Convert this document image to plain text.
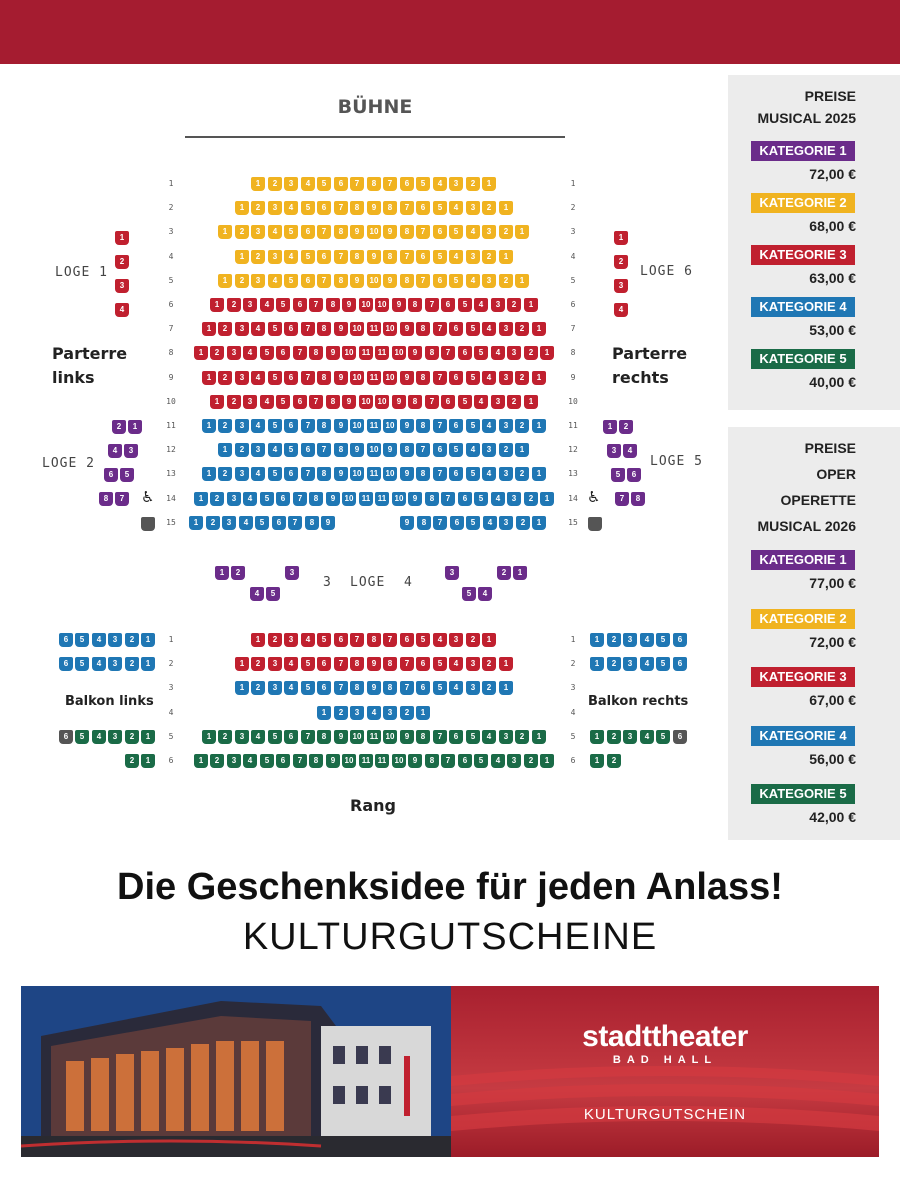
BÜHNE
Parterre
links
Parterre
rechts
LOGE 1	LOGE 6
LOGE 2	LOGE 5
3 LOGE 4
♿	♿
Balkon links	Balkon rechts
Rang
PREISE
MUSICAL 2025
KATEGORIE 1
72,00 €
KATEGORIE 2
68,00 €
KATEGORIE 3
63,00 €
KATEGORIE 4
53,00 €
KATEGORIE 5
40,00 €
PREISE
OPER
OPERETTE
MUSICAL 2026
KATEGORIE 1
77,00 €
KATEGORIE 2
72,00 €
KATEGORIE 3
67,00 €
KATEGORIE 4
56,00 €
KATEGORIE 5
42,00 €
Die Geschenksidee für jeden Anlass!
KULTURGUTSCHEINE
stadttheater
BAD HALL
KULTURGUTSCHEIN
1	2	3	4	5	6	7	8	7	6	5	4	3	2	1
1	1
1	2	3	4	5	6	7	8	9	8	7	6	5	4	3	2	1
2	2
1	2	3	4	5	6	7	8	9	10	9	8	7	6	5	4	3	2	1
3	3
1	2	3	4	5	6	7	8	9	8	7	6	5	4	3	2	1
4	4
1	2	3	4	5	6	7	8	9	10	9	8	7	6	5	4	3	2	1
5	5
1	2	3	4	5	6	7	8	9	10 10	9	8	7	6	5	4	3	2	1
6	6
1	2	3	4	5	6	7	8	9	10	11 10	9	8	7	6	5	4	3	2	1
7	7
1	2	3	4	5	6	7	8	9	10	11 11	10	9	8	7	6	5	4	3	2	1
8	8
1	2	3	4	5	6	7	8	9	10	11 10	9	8	7	6	5	4	3	2	1
9	9
1	2	3	4	5	6	7	8	9	10 10	9	8	7	6	5	4	3	2	1
10	10
1	2	3	4	5	6	7	8	9	10	11 10	9	8	7	6	5	4	3	2	1
11	11
1	2	3	4	5	6	7	8	9	10	9	8	7	6	5	4	3	2	1
12	12
1	2	3	4	5	6	7	8	9	10	11 10	9	8	7	6	5	4	3	2	1
13	13
1	2	3	4	5	6	7	8	9	10	11 11	10	9	8	7	6	5	4	3	2	1
14	14
1	2	3	4	5	6	7	8	9	9	8	7	6	5	4	3	2	1
15	15
1
2
3
4
1
2
3
4
2	1
4	3
6	5
8	7
1	2
3	4
5	6
7	8
1	2	3
4	5
3	2	1
5	4
1	2	3	4	5	6	7	8	7	6	5	4	3	2	1
1	1
1	2	3	4	5	6	7	8	9	8	7	6	5	4	3	2	1
2	2
1	2	3	4	5	6	7	8	9	8	7	6	5	4	3	2	1
3	3
1	2	3	4	3	2	1
4	4
1	2	3	4	5	6	7	8	9	10	11 10	9	8	7	6	5	4	3	2	1
5	5
1	2	3	4	5	6	7	8	9	10	11 11	10	9	8	7	6	5	4	3	2	1
6	6
6	5	4	3	2	1
6	5	4	3	2	1
6	5	4	3	2	1
2	1
1	2	3	4	5	6
1	2	3	4	5	6
1	2	3	4	5	6
1	2
